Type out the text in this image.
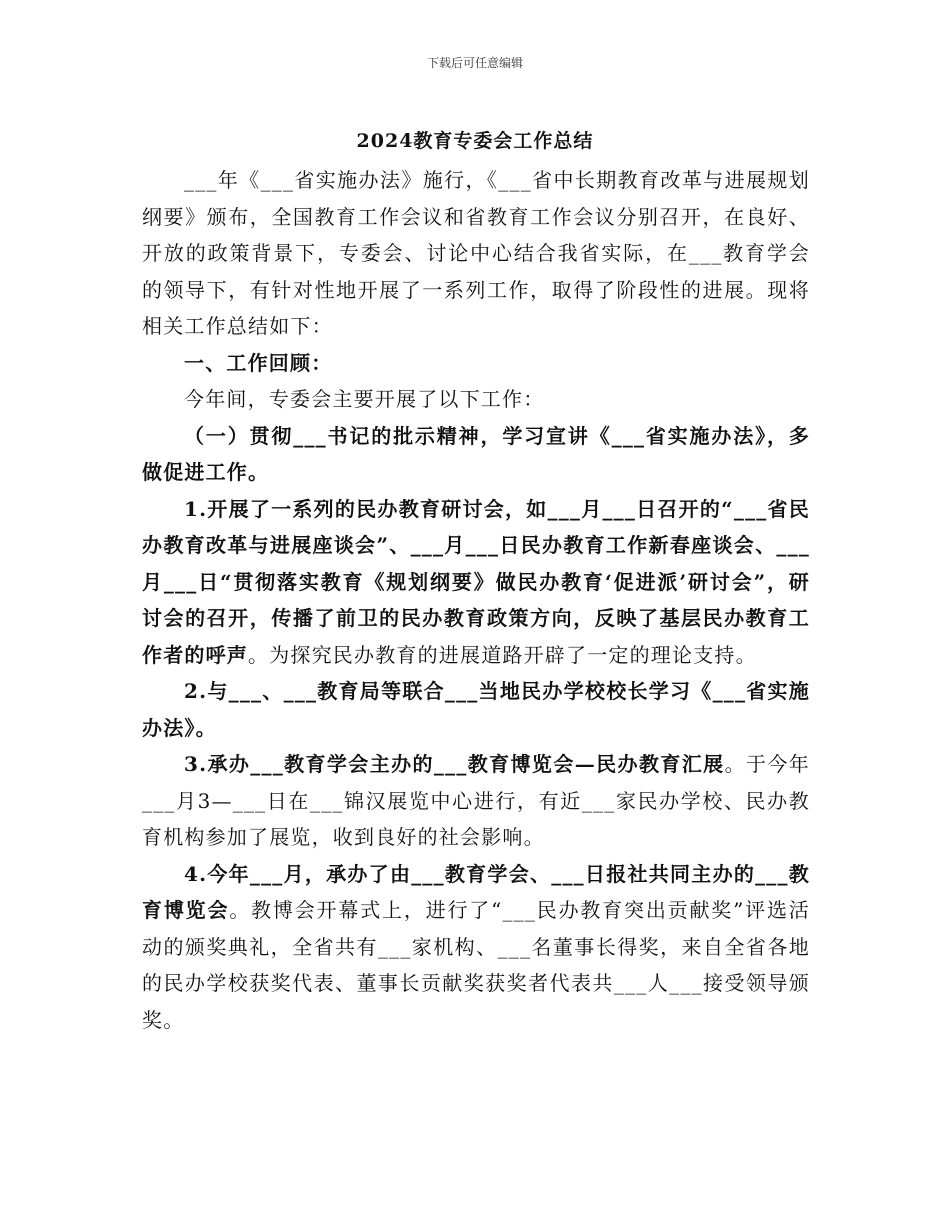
下载后可任意编辑
2024教育专委会工作总结

___年《___省实施办法》施行，《___省中长期教育改革与进展规划纲要》颁布，全国教育工作会议和省教育工作会议分别召开，在良好、开放的政策背景下，专委会、讨论中心结合我省实际，在___教育学会的领导下，有针对性地开展了一系列工作，取得了阶段性的进展。现将相关工作总结如下：

一、工作回顾：

今年间，专委会主要开展了以下工作：

（一）贯彻___书记的批示精神，学习宣讲《___省实施办法》，多做促进工作。

1.开展了一系列的民办教育研讨会，如___月___日召开的“___省民办教育改革与进展座谈会”、___月___日民办教育工作新春座谈会、___月___日“贯彻落实教育《规划纲要》做民办教育‘促进派’研讨会”，研讨会的召开，传播了前卫的民办教育政策方向，反映了基层民办教育工作者的呼声。为探究民办教育的进展道路开辟了一定的理论支持。

2.与___、___教育局等联合___当地民办学校校长学习《___省实施办法》。

3.承办___教育学会主办的___教育博览会—民办教育汇展。于今年___月3—___日在___锦汉展览中心进行，有近___家民办学校、民办教育机构参加了展览，收到良好的社会影响。

4.今年___月，承办了由___教育学会、___日报社共同主办的___教育博览会。教博会开幕式上，进行了“___民办教育突出贡献奖”评选活动的颁奖典礼，全省共有___家机构、___名董事长得奖，来自全省各地的民办学校获奖代表、董事长贡献奖获奖者代表共___人___接受领导颁奖。
